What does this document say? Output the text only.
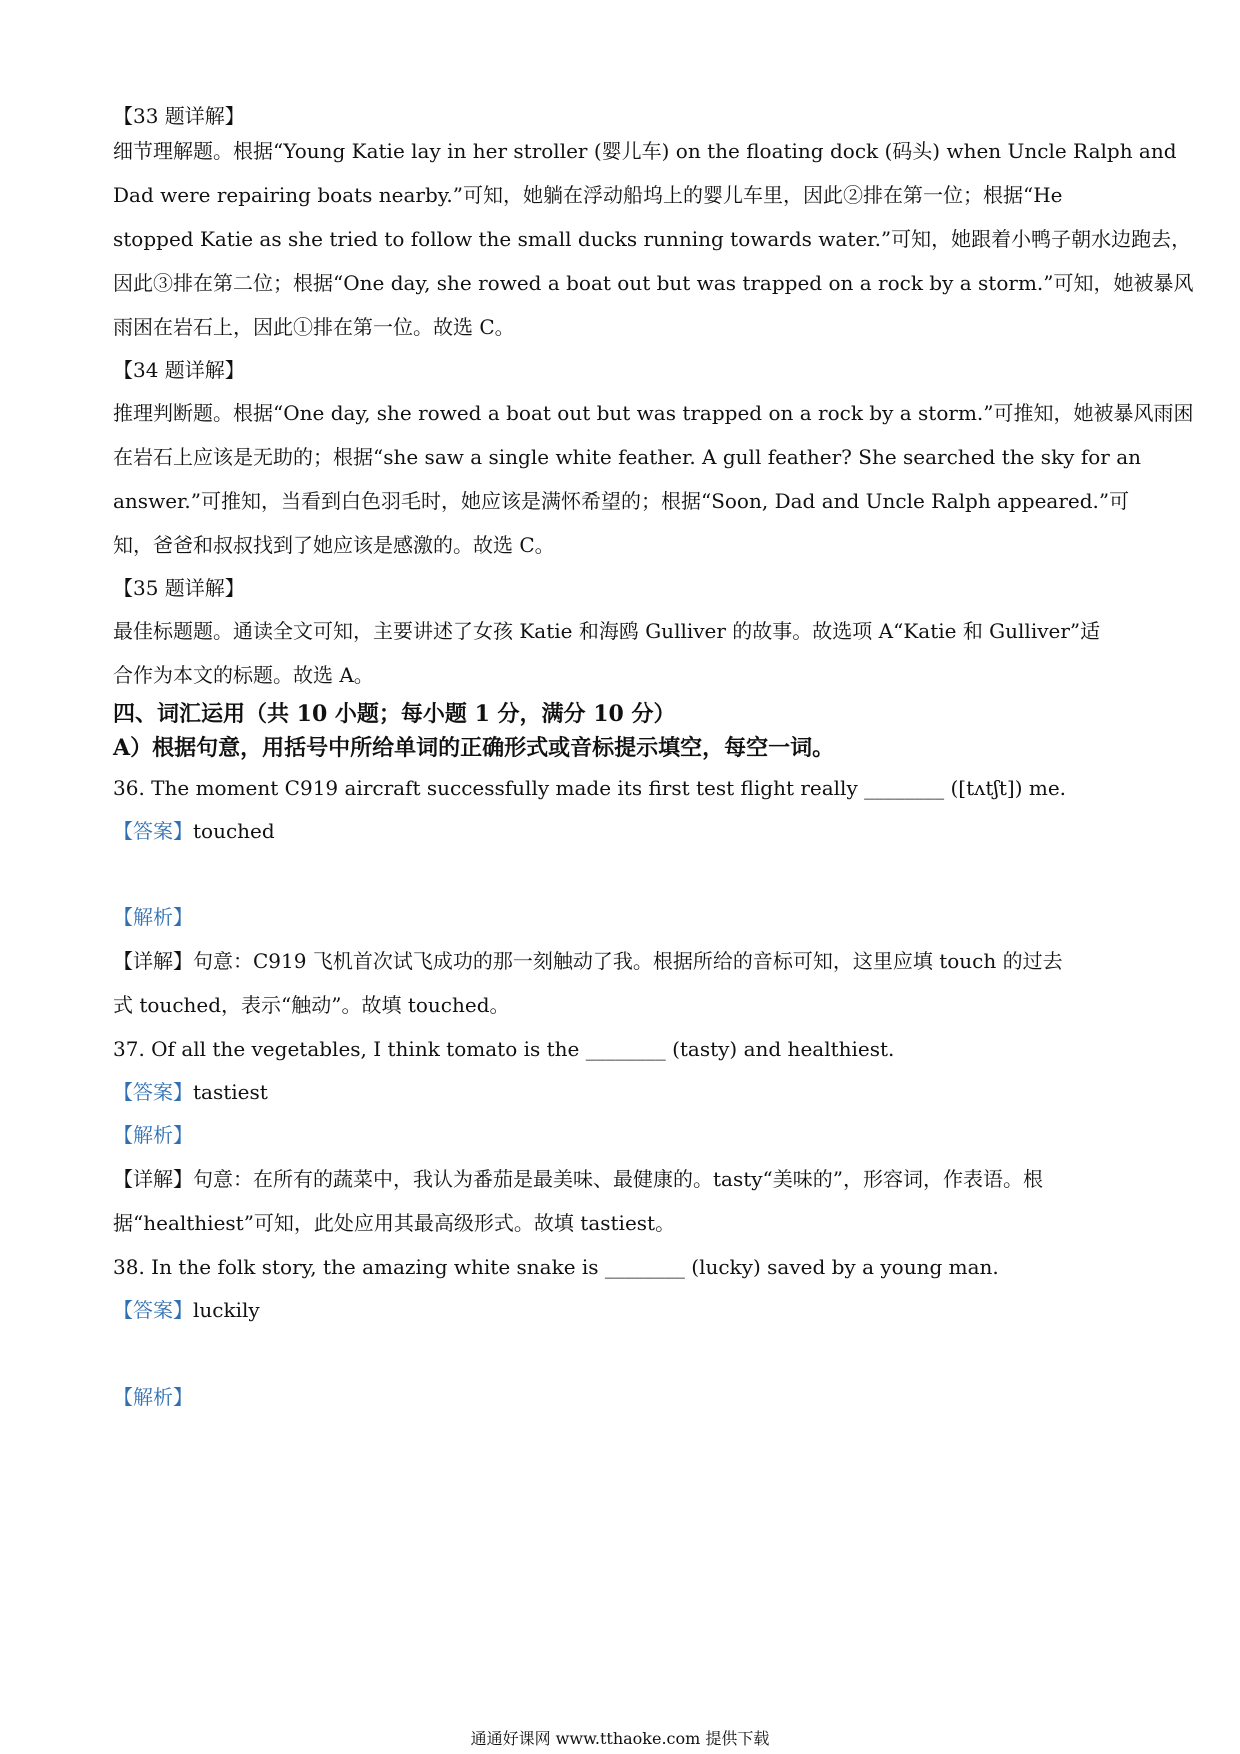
【33 题详解】

细节理解题。根据“Young Katie lay in her stroller (婴儿车) on the floating dock (码头) when Uncle Ralph and

Dad were repairing boats nearby.”可知，她躺在浮动船坞上的婴儿车里，因此②排在第一位；根据“He

stopped Katie as she tried to follow the small ducks running towards water.”可知，她跟着小鸭子朝水边跑去，

因此③排在第二位；根据“One day, she rowed a boat out but was trapped on a rock by a storm.”可知，她被暴风

雨困在岩石上，因此①排在第一位。故选 C。

【34 题详解】

推理判断题。根据“One day, she rowed a boat out but was trapped on a rock by a storm.”可推知，她被暴风雨困

在岩石上应该是无助的；根据“she saw a single white feather. A gull feather? She searched the sky for an

answer.”可推知，当看到白色羽毛时，她应该是满怀希望的；根据“Soon, Dad and Uncle Ralph appeared.”可

知，爸爸和叔叔找到了她应该是感激的。故选 C。

【35 题详解】

最佳标题题。通读全文可知，主要讲述了女孩 Katie 和海鸥 Gulliver 的故事。故选项 A“Katie 和 Gulliver”适

合作为本文的标题。故选 A。

四、词汇运用（共 10 小题；每小题 1 分，满分 10 分）

A）根据句意，用括号中所给单词的正确形式或音标提示填空，每空一词。

36. The moment C919 aircraft successfully made its first test flight really ________ ([tʌtʃt]) me.

【答案】touched

【解析】

【详解】句意：C919 飞机首次试飞成功的那一刻触动了我。根据所给的音标可知，这里应填 touch 的过去

式 touched，表示“触动”。故填 touched。

37. Of all the vegetables, I think tomato is the ________ (tasty) and healthiest.

【答案】tastiest

【解析】

【详解】句意：在所有的蔬菜中，我认为番茄是最美味、最健康的。tasty“美味的”，形容词，作表语。根

据“healthiest”可知，此处应用其最高级形式。故填 tastiest。

38. In the folk story, the amazing white snake is ________ (lucky) saved by a young man.

【答案】luckily

【解析】

通通好课网 www.tthaoke.com 提供下载
